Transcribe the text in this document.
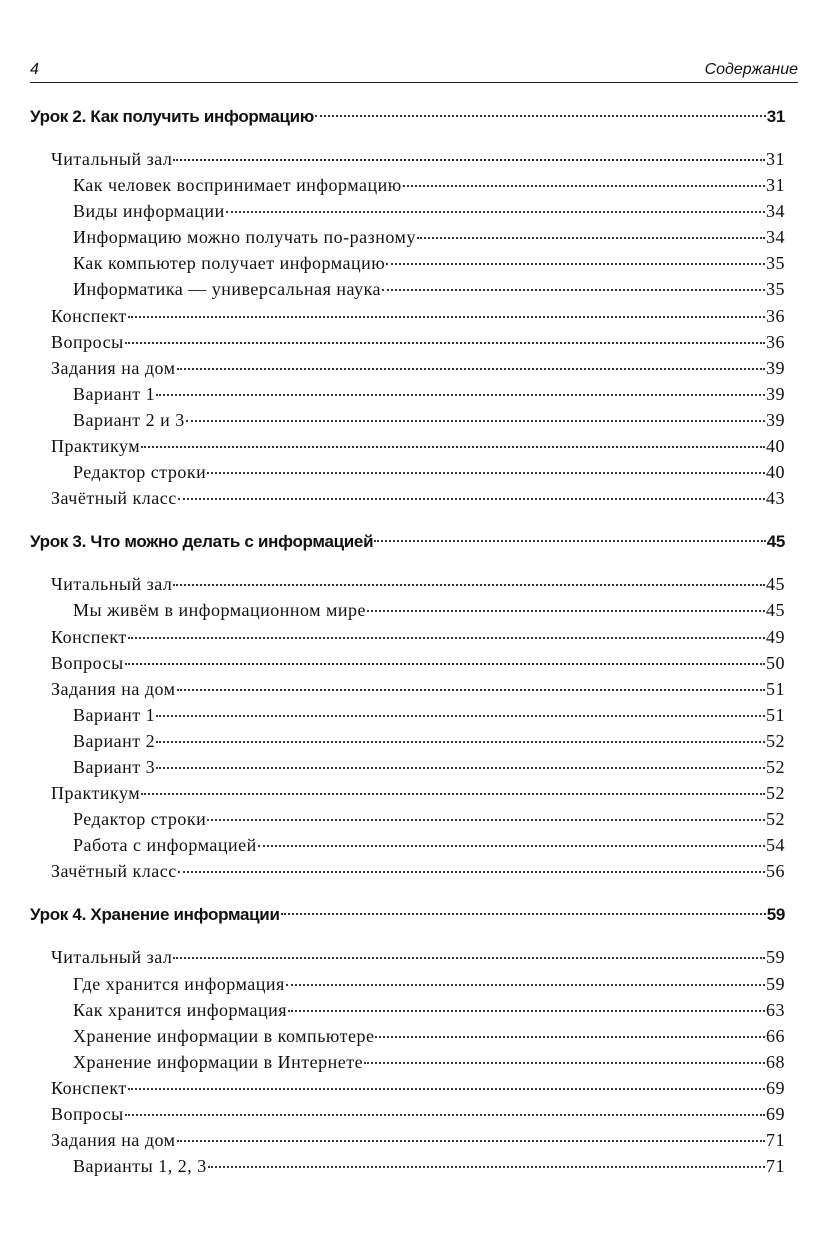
4	Содержание
Урок 2. Как получить информацию	31
Читальный зал	31
Как человек воспринимает информацию	31
Виды информации	34
Информацию можно получать по-разному	34
Как компьютер получает информацию	35
Информатика — универсальная наука	35
Конспект	36
Вопросы	36
Задания на дом	39
Вариант 1	39
Вариант 2 и 3	39
Практикум	40
Редактор строки	40
Зачётный класс	43
Урок 3. Что можно делать с информацией	45
Читальный зал	45
Мы живём в информационном мире	45
Конспект	49
Вопросы	50
Задания на дом	51
Вариант 1	51
Вариант 2	52
Вариант 3	52
Практикум	52
Редактор строки	52
Работа с информацией	54
Зачётный класс	56
Урок 4. Хранение информации	59
Читальный зал	59
Где хранится информация	59
Как хранится информация	63
Хранение информации в компьютере	66
Хранение информации в Интернете	68
Конспект	69
Вопросы	69
Задания на дом	71
Варианты 1, 2, 3	71
